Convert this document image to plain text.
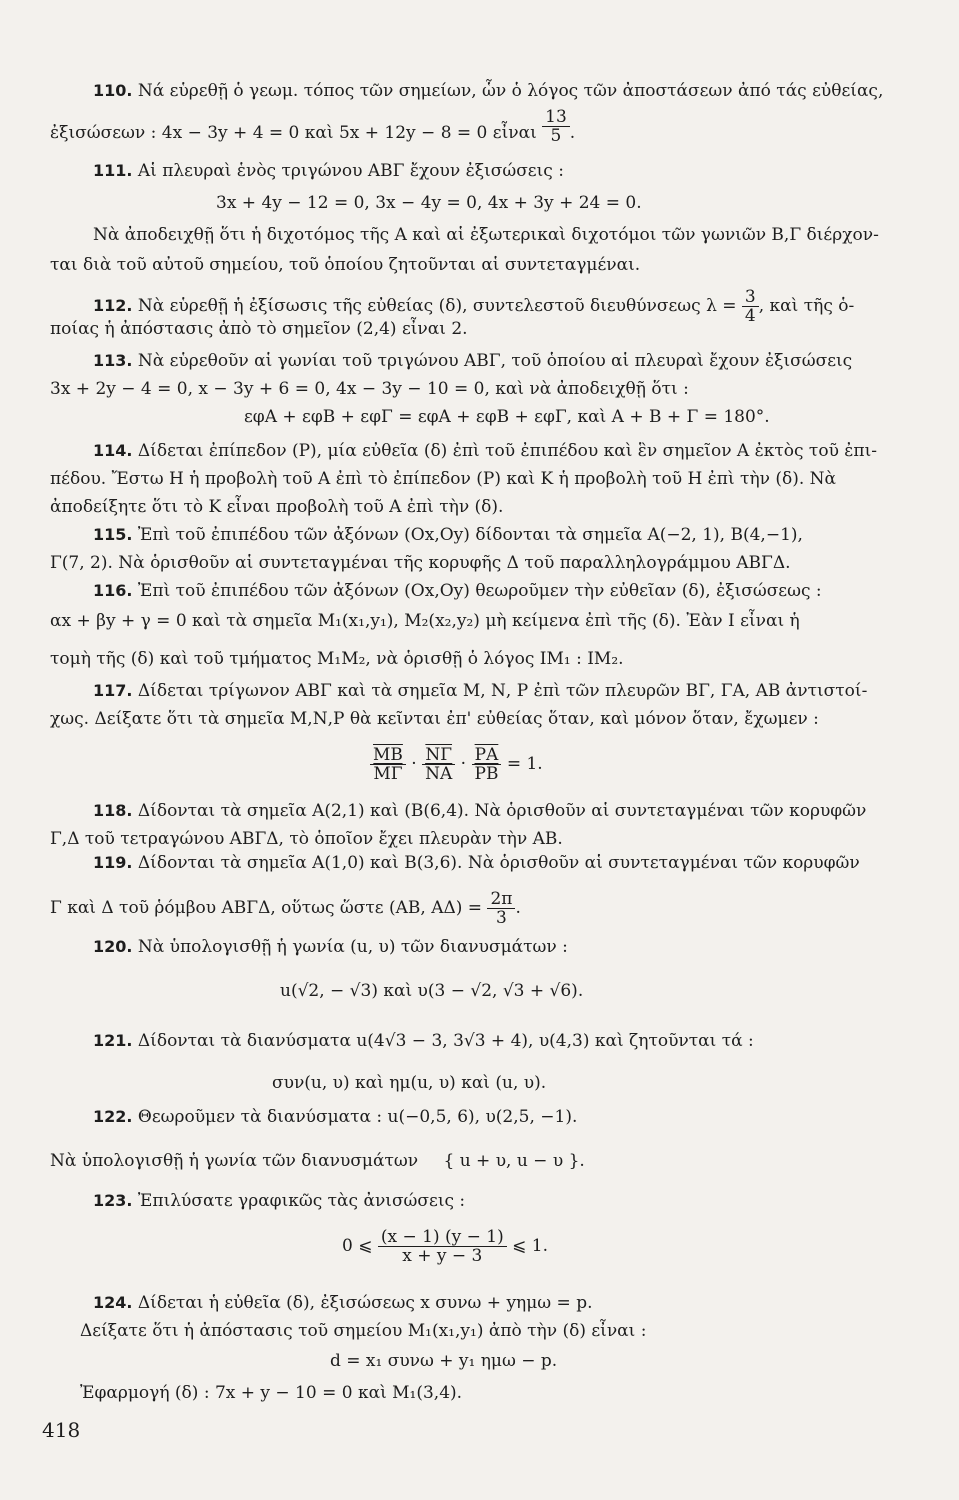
110. Νά εὑρεθῇ ὁ γεωμ. τόπος τῶν σημείων, ὧν ὁ λόγος τῶν ἀποστάσεων ἀπό τάς εὐθείας,
ἐξισώσεων : 4x − 3y + 4 = 0 καὶ 5x + 12y − 8 = 0 εἶναι $\frac{13}{5}$ .
111. Αἱ πλευραὶ ἑνὸς τριγώνου ΑΒΓ ἔχουν ἐξισώσεις :
3x + 4y − 12 = 0, 3x − 4y = 0, 4x + 3y + 24 = 0.
Νὰ ἀποδειχθῇ ὅτι ἡ διχοτόμος τῆς Α καὶ αἱ ἐξωτερικαὶ διχοτόμοι τῶν γωνιῶν Β,Γ διέρχον-
ται διὰ τοῦ αὐτοῦ σημείου, τοῦ ὁποίου ζητοῦνται αἱ συντεταγμέναι.
112. Νὰ εὑρεθῇ ἡ ἐξίσωσις τῆς εὐθείας (δ), συντελεστοῦ διευθύνσεως $\lambda = \frac{3}{4}$ , καὶ τῆς ὁ-
ποίας ἡ ἀπόστασις ἀπὸ τὸ σημεῖον (2,4) εἶναι 2.
113. Νὰ εὑρεθοῦν αἱ γωνίαι τοῦ τριγώνου ΑΒΓ, τοῦ ὁποίου αἱ πλευραὶ ἔχουν ἐξισώσεις
3x + 2y − 4 = 0, x − 3y + 6 = 0, 4x − 3y − 10 = 0, καὶ νὰ ἀποδειχθῇ ὅτι :
εφΑ + εφΒ + εφΓ = εφΑ + εφΒ + εφΓ, καὶ Α + Β + Γ = 180°.
114. Δίδεται ἐπίπεδον (Ρ), μία εὐθεῖα (δ) ἐπὶ τοῦ ἐπιπέδου καὶ ἓν σημεῖον Α ἐκτὸς τοῦ ἐπι-
πέδου. Ἔστω Η ἡ προβολὴ τοῦ Α ἐπὶ τὸ ἐπίπεδον (Ρ) καὶ Κ ἡ προβολὴ τοῦ Η ἐπὶ τὴν (δ). Νὰ
ἀποδείξητε ὅτι τὸ Κ εἶναι προβολὴ τοῦ Α ἐπὶ τὴν (δ).
115. Ἐπὶ τοῦ ἐπιπέδου τῶν ἀξόνων (Οx,Οy) δίδονται τὰ σημεῖα Α(−2, 1), Β(4,−1),
Γ(7, 2). Νὰ ὁρισθοῦν αἱ συντεταγμέναι τῆς κορυφῆς Δ τοῦ παραλληλογράμμου ΑΒΓΔ.
116. Ἐπὶ τοῦ ἐπιπέδου τῶν ἀξόνων (Οx,Οy) θεωροῦμεν τὴν εὐθεῖαν (δ), ἐξισώσεως :
αx + βy + γ = 0 καὶ τὰ σημεῖα Μ₁(x₁,y₁), Μ₂(x₂,y₂) μὴ κείμενα ἐπὶ τῆς (δ). Ἐὰν Ι εἶναι ἡ
τομὴ τῆς (δ) καὶ τοῦ τμήματος Μ₁Μ₂, νὰ ὁρισθῇ ὁ λόγος ΙΜ₁ : ΙΜ₂.
117. Δίδεται τρίγωνον ΑΒΓ καὶ τὰ σημεῖα Μ, Ν, Ρ ἐπὶ τῶν πλευρῶν ΒΓ, ΓΑ, ΑΒ ἀντιστοί-
χως. Δείξατε ὅτι τὰ σημεῖα Μ,Ν,Ρ θὰ κεῖνται ἐπ' εὐθείας ὅταν, καὶ μόνον ὅταν, ἔχωμεν :
$\frac{\overline{MB}}{M\Gamma} \cdot \frac{\overline{N\Gamma}}{NA} \cdot \frac{\overline{PA}}{PB} = 1$.
118. Δίδονται τὰ σημεῖα Α(2,1) καὶ (Β(6,4). Νὰ ὁρισθοῦν αἱ συντεταγμέναι τῶν κορυφῶν
Γ,Δ τοῦ τετραγώνου ΑΒΓΔ, τὸ ὁποῖον ἔχει πλευρὰν τὴν ΑΒ.
119. Δίδονται τὰ σημεῖα Α(1,0) καὶ Β(3,6). Νὰ ὁρισθοῦν αἱ συντεταγμέναι τῶν κορυφῶν
Γ καὶ Δ τοῦ ῥόμβου ΑΒΓΔ, οὕτως ὥστε (ΑΒ, $A\Delta) = \frac{2\pi}{3}$ .
120. Νὰ ὑπολογισθῇ ἡ γωνία (u, υ) τῶν διανυσμάτων :
u(√2, − √3) καὶ υ(3 − √2, √3 + √6).
121. Δίδονται τὰ διανύσματα u(4√3 − 3, 3√3 + 4), υ(4,3) καὶ ζητοῦνται τά :
συν(u, υ) καὶ ημ(u, υ) καὶ (u, υ).
122. Θεωροῦμεν τὰ διανύσματα : u(−0,5, 6), υ(2,5, −1).
Νὰ ὑπολογισθῇ ἡ γωνία τῶν διανυσμάτων { u + υ, u − υ }.
123. Ἐπιλύσατε γραφικῶς τὰς ἀνισώσεις :
0 ⩽ $\frac{(x - 1) (y - 1)}{x + y - 3}$ ⩽ 1.
124. Δίδεται ἡ εὐθεῖα (δ), ἐξισώσεως x συνω + yημω = p.
Δείξατε ὅτι ἡ ἀπόστασις τοῦ σημείου Μ₁(x₁,y₁) ἀπὸ τὴν (δ) εἶναι :
d = x₁ συνω + y₁ ημω − p.
Ἐφαρμογή (δ) : 7x + y − 10 = 0 καὶ Μ₁(3,4).
418
